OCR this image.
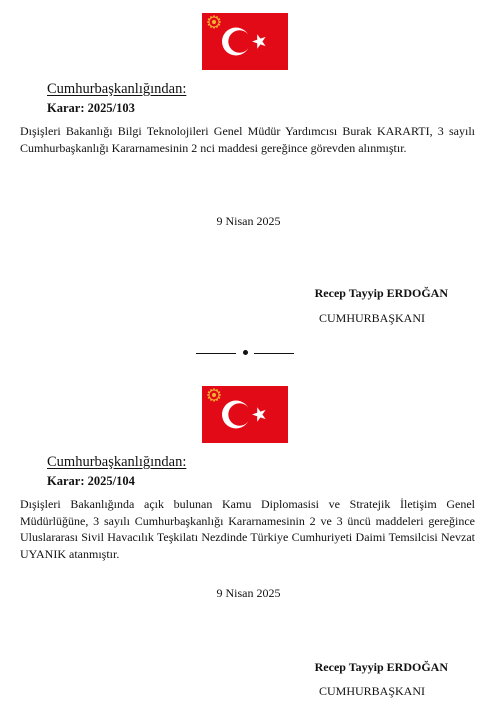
Cumhurbaşkanlığından:
Karar: 2025/103
Dışişleri Bakanlığı Bilgi Teknolojileri Genel Müdür Yardımcısı Burak KARARTI, 3 sayılı Cumhurbaşkanlığı Kararnamesinin 2 nci maddesi gereğince görevden alınmıştır.
9 Nisan 2025
Recep Tayyip ERDOĞAN
CUMHURBAŞKANI
Cumhurbaşkanlığından:
Karar: 2025/104
Dışişleri Bakanlığında açık bulunan Kamu Diplomasisi ve Stratejik İletişim Genel Müdürlüğüne, 3 sayılı Cumhurbaşkanlığı Kararnamesinin 2 ve 3 üncü maddeleri gereğince Uluslararası Sivil Havacılık Teşkilatı Nezdinde Türkiye Cumhuriyeti Daimi Temsilcisi Nevzat UYANIK atanmıştır.
9 Nisan 2025
Recep Tayyip ERDOĞAN
CUMHURBAŞKANI
